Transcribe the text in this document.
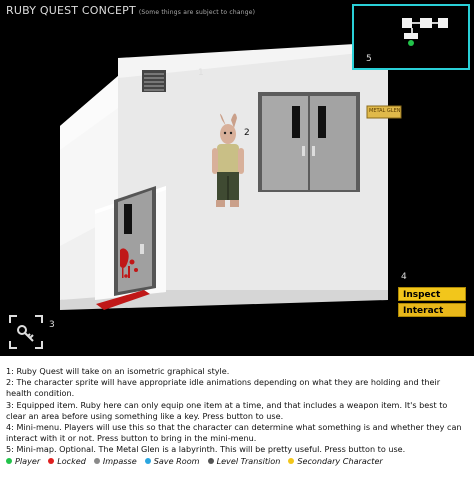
RUBY QUEST CONCEPT (Some things are subject to change)
1
2
3
4
METAL GLEN
5
Inspect
Interact

1: Ruby Quest will take on an isometric graphical style.

2: The character sprite will have appropriate idle animations depending on what they are holding and their health condition.

3: Equipped item. Ruby here can only equip one item at a time, and that includes a weapon item. It's best to clear an area before using something like a key. Press button to use.

4: Mini-menu. Players will use this so that the character can determine what something is and whether they can interact with it or not. Press button to bring in the mini-menu.

5: Mini-map. Optional. The Metal Glen is a labyrinth. This will be pretty useful. Press button to use.

Player Locked Impasse Save Room Level Transition Secondary Character
